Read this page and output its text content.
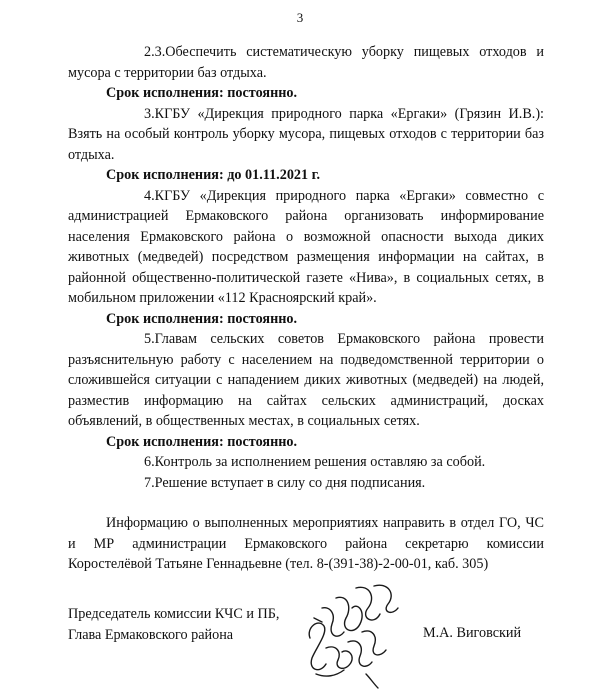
3

2.3.Обеспечить систематическую уборку пищевых отходов и мусора с территории баз отдыха.

Срок исполнения: постоянно.

3.КГБУ «Дирекция природного парка «Ергаки» (Грязин И.В.): Взять на особый контроль уборку мусора, пищевых отходов с территории баз отдыха.

Срок исполнения: до 01.11.2021 г.

4.КГБУ «Дирекция природного парка «Ергаки» совместно с администрацией Ермаковского района организовать информирование населения Ермаковского района о возможной опасности выхода диких животных (медведей) посредством размещения информации на сайтах, в районной общественно-политической газете «Нива», в социальных сетях, в мобильном приложении «112 Красноярский край».

Срок исполнения: постоянно.

5.Главам сельских советов Ермаковского района провести разъяснительную работу с населением на подведомственной территории о сложившейся ситуации с нападением диких животных (медведей) на людей, разместив информацию на сайтах сельских администраций, досках объявлений, в общественных местах, в социальных сетях.

Срок исполнения: постоянно.

6.Контроль за исполнением решения оставляю за собой.

7.Решение вступает в силу со дня подписания.

Информацию о выполненных мероприятиях направить в отдел ГО, ЧС и МР администрации Ермаковского района секретарю комиссии Коростелёвой Татьяне Геннадьевне (тел. 8-(391-38)-2-00-01, каб. 305)

Председатель комиссии КЧС и ПБ,
Глава Ермаковского района	М.А. Виговский
